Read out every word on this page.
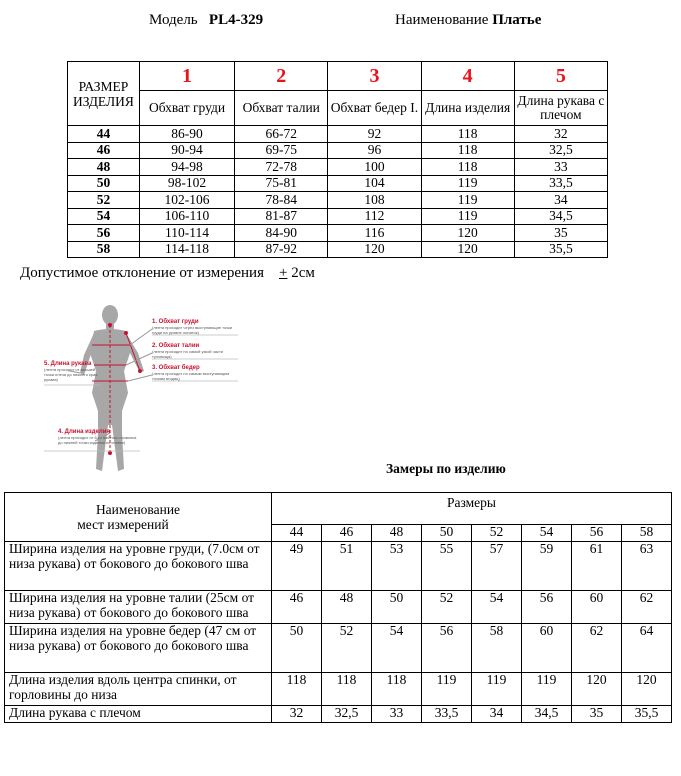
Модель PL4-329	Наименование Платье
РАЗМЕР ИЗДЕЛИЯ	1	2	3	4	5
	Обхват груди	Обхват талии	Обхват бедер I.	Длина изделия	Длина рукава с плечом
44	86-90	66-72	92	118	32
46	90-94	69-75	96	118	32,5
48	94-98	72-78	100	118	33
50	98-102	75-81	104	119	33,5
52	102-106	78-84	108	119	34
54	106-110	81-87	112	119	34,5
56	110-114	84-90	116	120	35
58	114-118	87-92	120	120	35,5
Допустимое отклонение от измерения + 2см
1. Обхват груди
(лента проходит через выступающие точки груди на уровне лопаток)
2. Обхват талии
(лента проходит по самой узкой части туловища)
3. Обхват бедер
(лента проходит по самым выступающим точкам ягодиц)
5. Длина рукава
(лента проходит от высшей точки плеча до нижнего края рукава)
4. Длина изделия
(лента проходит от 6-го шейного позвонка до нижней точки изделия по спинке)
Замеры по изделию
Наименование
мест измерений	Размеры							
	44	46	48	50	52	54	56	58
Ширина изделия на уровне груди, (7.0см от низа рукава) от бокового до бокового шва	49	51	53	55	57	59	61	63
Ширина изделия на уровне талии (25см от низа рукава) от бокового до бокового шва	46	48	50	52	54	56	60	62
Ширина изделия на уровне бедер (47 см от низа рукава) от бокового до бокового шва	50	52	54	56	58	60	62	64
Длина изделия вдоль центра спинки, от горловины до низа	118	118	118	119	119	119	120	120
Длина рукава с плечом	32	32,5	33	33,5	34	34,5	35	35,5
